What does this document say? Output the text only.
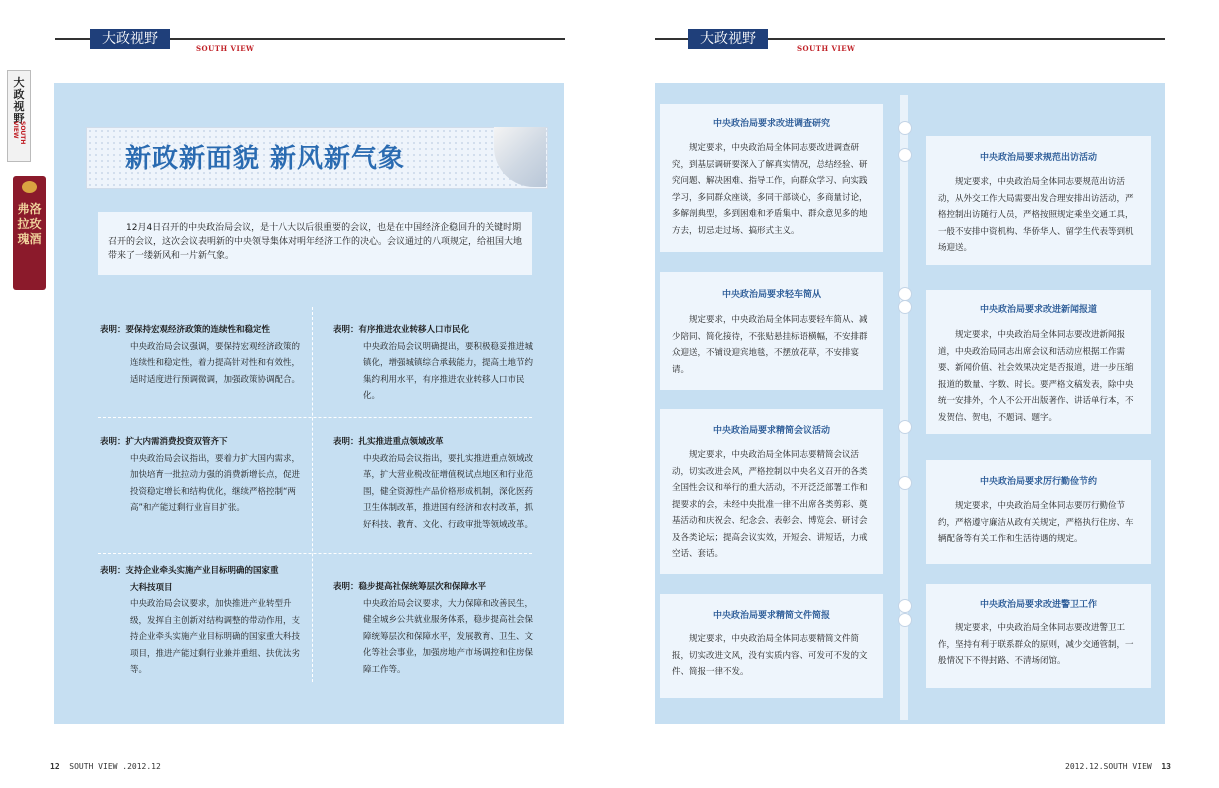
大政视野
SOUTH VIEW
大政视野
SOUTH VIEW
大政视野
SOUTH VIEW
弗洛拉玫瑰酒
新政新面貌 新风新气象

12月4日召开的中央政治局会议，是十八大以后很重要的会议，也是在中国经济企稳回升的关键时期召开的会议，这次会议表明新的中央领导集体对明年经济工作的决心。会议通过的八项规定，给祖国大地带来了一缕新风和一片新气象。

表明：要保持宏观经济政策的连续性和稳定性
中央政治局会议强调，要保持宏观经济政策的连续性和稳定性，着力提高针对性和有效性，适时适度进行预调微调，加强政策协调配合。
表明：有序推进农业转移人口市民化
中央政治局会议明确提出，要积极稳妥推进城镇化，增强城镇综合承载能力，提高土地节约集约利用水平，有序推进农业转移人口市民化。
表明：扩大内需消费投资双管齐下
中央政治局会议指出，要着力扩大国内需求，加快培育一批拉动力强的消费新增长点，促进投资稳定增长和结构优化，继续严格控制“两高”和产能过剩行业盲目扩张。
表明：扎实推进重点领域改革
中央政治局会议指出，要扎实推进重点领域改革，扩大营业税改征增值税试点地区和行业范围，健全资源性产品价格形成机制，深化医药卫生体制改革，推进国有经济和农村改革，抓好科技、教育、文化、行政审批等领域改革。
表明：支持企业牵头实施产业目标明确的国家重
大科技项目
中央政治局会议要求，加快推进产业转型升级，发挥自主创新对结构调整的带动作用，支持企业牵头实施产业目标明确的国家重大科技项目，推进产能过剩行业兼并重组、扶优汰劣等。
表明：稳步提高社保统筹层次和保障水平
中央政治局会议要求，大力保障和改善民生，健全城乡公共就业服务体系，稳步提高社会保障统筹层次和保障水平，发展教育、卫生、文化等社会事业，加强房地产市场调控和住房保障工作等。
中央政治局要求改进调查研究
规定要求，中央政治局全体同志要改进调查研究，到基层调研要深入了解真实情况，总结经验、研究问题、解决困难、指导工作，向群众学习、向实践学习，多同群众座谈，多同干部谈心，多商量讨论，多解剖典型，多到困难和矛盾集中、群众意见多的地方去，切忌走过场、搞形式主义。
中央政治局要求轻车简从
规定要求，中央政治局全体同志要轻车简从、减少陪同、简化接待，不张贴悬挂标语横幅，不安排群众迎送，不铺设迎宾地毯，不摆放花草，不安排宴请。
中央政治局要求精简会议活动
规定要求，中央政治局全体同志要精简会议活动，切实改进会风，严格控制以中央名义召开的各类全国性会议和举行的重大活动，不开泛泛部署工作和提要求的会，未经中央批准一律不出席各类剪彩、奠基活动和庆祝会、纪念会、表彰会、博览会、研讨会及各类论坛；提高会议实效，开短会、讲短话，力戒空话、套话。
中央政治局要求精简文件简报
规定要求，中央政治局全体同志要精简文件简报，切实改进文风，没有实质内容、可发可不发的文件、简报一律不发。
中央政治局要求规范出访活动
规定要求，中央政治局全体同志要规范出访活动，从外交工作大局需要出发合理安排出访活动，严格控制出访随行人员，严格按照规定乘坐交通工具，一般不安排中资机构、华侨华人、留学生代表等到机场迎送。
中央政治局要求改进新闻报道
规定要求，中央政治局全体同志要改进新闻报道，中央政治局同志出席会议和活动应根据工作需要、新闻价值、社会效果决定是否报道，进一步压缩报道的数量、字数、时长。要严格文稿发表，除中央统一安排外，个人不公开出版著作、讲话单行本，不发贺信、贺电，不题词、题字。
中央政治局要求厉行勤俭节约
规定要求，中央政治局全体同志要厉行勤俭节约，严格遵守廉洁从政有关规定，严格执行住房、车辆配备等有关工作和生活待遇的规定。
中央政治局要求改进警卫工作
规定要求，中央政治局全体同志要改进警卫工作，坚持有利于联系群众的原则，减少交通管制，一般情况下不得封路、不清场闭馆。
12 SOUTH VIEW .2012.12	2012.12.SOUTH VIEW 13
